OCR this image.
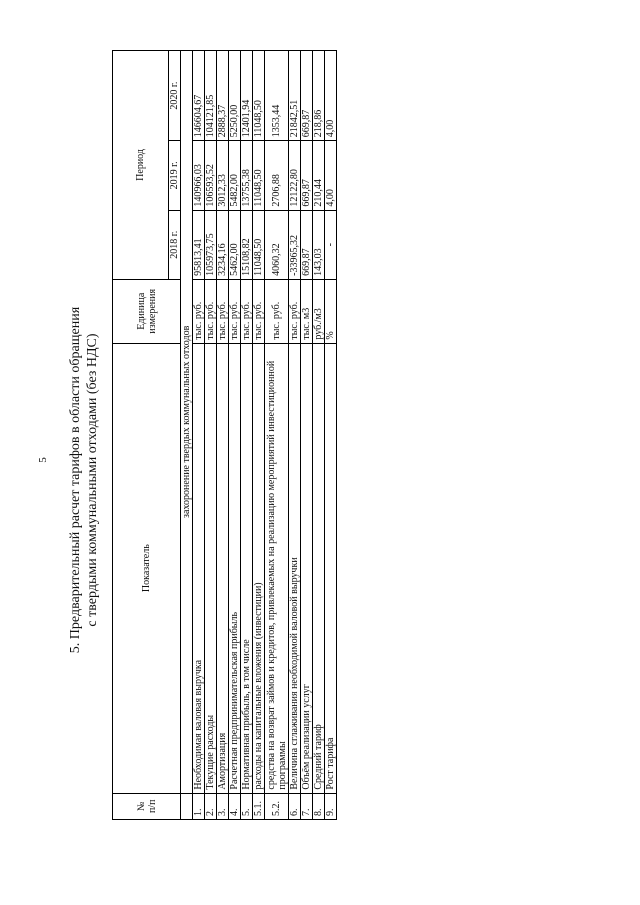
5 5. Предварительный расчет тарифов в области обращения с твердыми коммунальными отходами (без НДС)
№ п/п	Показатель	Единица измерения	Период		
			2018 г.	2019 г.	2020 г.
	захоронение твердых коммунальных отходов				
1.	Необходимая валовая выручка	тыс. руб.	95813,41	140966,03	146604,67
2.	Текущие расходы	тыс. руб.	105973,75	106593,52	104121,85
3.	Амортизация	тыс. руб.	3234,16	3012,33	2888,37
4.	Расчетная предпринимательская прибыль	тыс. руб.	5462,00	5482,00	5250,00
5.	Нормативная прибыль, в том числе	тыс. руб.	15108,82	13755,38	12401,94
5.1.	расходы на капитальные вложения (инвестиции)	тыс. руб.	11048,50	11048,50	11048,50
5.2.	средства на возврат займов и кредитов, привлекаемых на реализацию мероприятий инвестиционной программы	тыс. руб.	4060,32	2706,88	1353,44
6.	Величина сглаживания необходимой валовой выручки	тыс. руб.	-33965,32	12122,80	21842,51
7.	Объём реализации услуг	тыс. м3	669,87	669,87	669,87
8.	Средний тариф	руб./м3	143,03	210,44	218,86
9.	Рост тарифа	%	-	4,00	4,00
